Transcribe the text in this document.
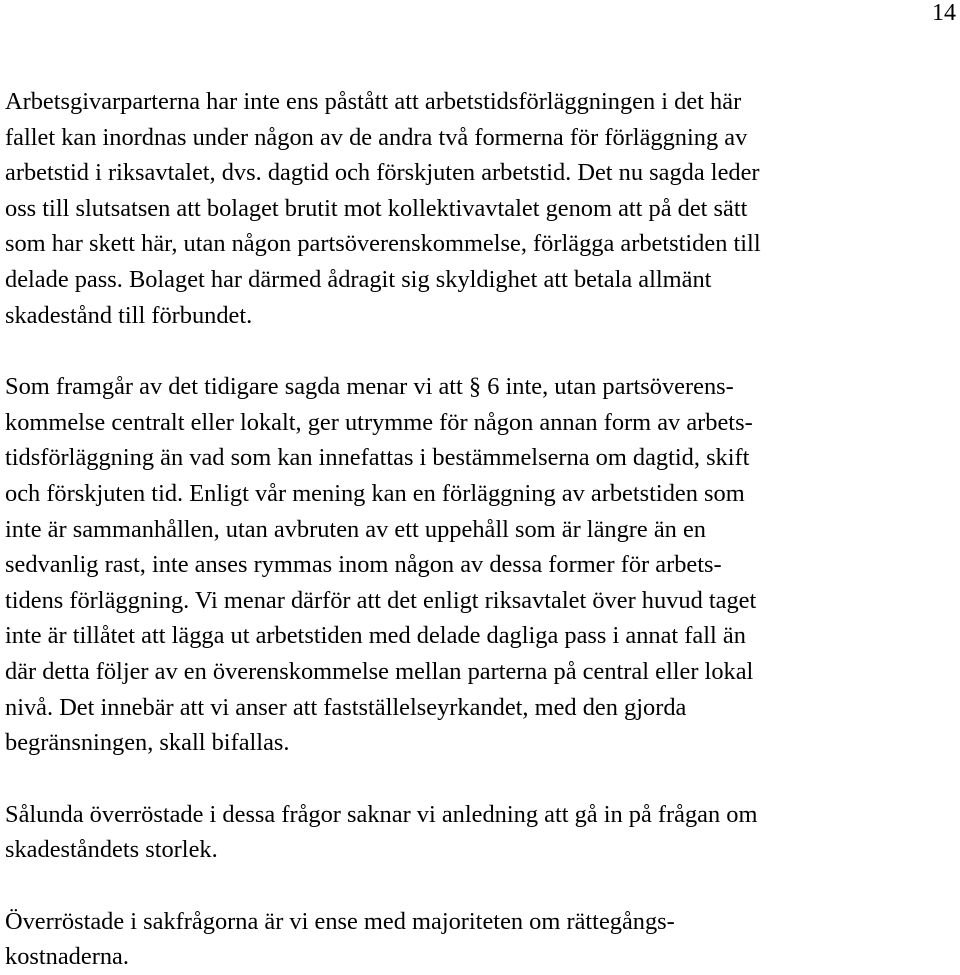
14

Arbetsgivarparterna har inte ens påstått att arbetstidsförläggningen i det här
fallet kan inordnas under någon av de andra två formerna för förläggning av
arbetstid i riksavtalet, dvs. dagtid och förskjuten arbetstid. Det nu sagda leder
oss till slutsatsen att bolaget brutit mot kollektivavtalet genom att på det sätt
som har skett här, utan någon partsöverenskommelse, förlägga arbetstiden till
delade pass. Bolaget har därmed ådragit sig skyldighet att betala allmänt
skadestånd till förbundet.

Som framgår av det tidigare sagda menar vi att § 6 inte, utan partsöverens-
kommelse centralt eller lokalt, ger utrymme för någon annan form av arbets-
tidsförläggning än vad som kan innefattas i bestämmelserna om dagtid, skift
och förskjuten tid. Enligt vår mening kan en förläggning av arbetstiden som
inte är sammanhållen, utan avbruten av ett uppehåll som är längre än en
sedvanlig rast, inte anses rymmas inom någon av dessa former för arbets-
tidens förläggning. Vi menar därför att det enligt riksavtalet över huvud taget
inte är tillåtet att lägga ut arbetstiden med delade dagliga pass i annat fall än
där detta följer av en överenskommelse mellan parterna på central eller lokal
nivå. Det innebär att vi anser att fastställelseyrkandet, med den gjorda
begränsningen, skall bifallas.

Sålunda överröstade i dessa frågor saknar vi anledning att gå in på frågan om
skadeståndets storlek.

Överröstade i sakfrågorna är vi ense med majoriteten om rättegångs-
kostnaderna.
